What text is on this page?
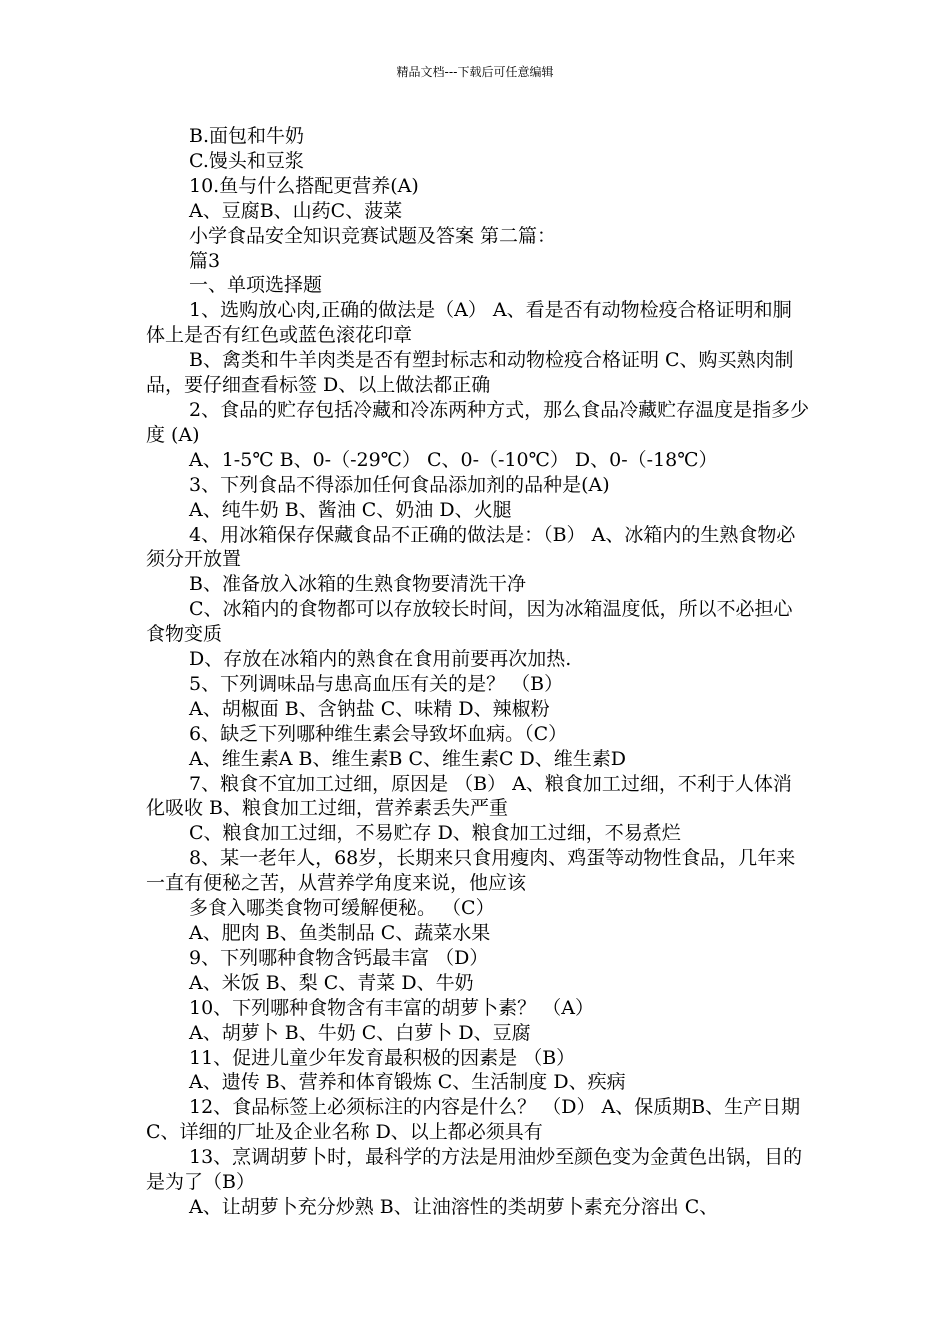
精品文档---下载后可任意编辑
B.面包和牛奶
C.馒头和豆浆
10.鱼与什么搭配更营养(A)
A、豆腐B、山药C、菠菜
小学食品安全知识竞赛试题及答案 第二篇：
篇3
一、单项选择题
1、选购放心肉,正确的做法是（A） A、看是否有动物检疫合格证明和胴体上是否有红色或蓝色滚花印章
B、禽类和牛羊肉类是否有塑封标志和动物检疫合格证明 C、购买熟肉制品，要仔细查看标签 D、以上做法都正确
2、食品的贮存包括冷藏和冷冻两种方式，那么食品冷藏贮存温度是指多少度 (A)
A、1-5℃ B、0-（-29℃） C、0-（-10℃） D、0-（-18℃）
3、下列食品不得添加任何食品添加剂的品种是(A)
A、纯牛奶 B、酱油 C、奶油 D、火腿
4、用冰箱保存保藏食品不正确的做法是：（B） A、冰箱内的生熟食物必须分开放置
B、准备放入冰箱的生熟食物要清洗干净
C、冰箱内的食物都可以存放较长时间，因为冰箱温度低，所以不必担心食物变质
D、存放在冰箱内的熟食在食用前要再次加热.
5、下列调味品与患高血压有关的是？ （B）
A、胡椒面 B、含钠盐 C、味精 D、辣椒粉
6、缺乏下列哪种维生素会导致坏血病。（C）
A、维生素A B、维生素B C、维生素C D、维生素D
7、粮食不宜加工过细，原因是 （B） A、粮食加工过细，不利于人体消化吸收 B、粮食加工过细，营养素丢失严重
C、粮食加工过细，不易贮存 D、粮食加工过细，不易煮烂
8、某一老年人，68岁，长期来只食用瘦肉、鸡蛋等动物性食品，几年来一直有便秘之苦，从营养学角度来说，他应该
多食入哪类食物可缓解便秘。 （C）
A、肥肉 B、鱼类制品 C、蔬菜水果
9、下列哪种食物含钙最丰富 （D）
A、米饭 B、梨 C、青菜 D、牛奶
10、下列哪种食物含有丰富的胡萝卜素？ （A）
A、胡萝卜 B、牛奶 C、白萝卜 D、豆腐
11、促进儿童少年发育最积极的因素是 （B）
A、遗传 B、营养和体育锻炼 C、生活制度 D、疾病
12、食品标签上必须标注的内容是什么？ （D） A、保质期B、生产日期 C、详细的厂址及企业名称 D、以上都必须具有
13、烹调胡萝卜时，最科学的方法是用油炒至颜色变为金黄色出锅，目的是为了（B）
A、让胡萝卜充分炒熟 B、让油溶性的类胡萝卜素充分溶出 C、
